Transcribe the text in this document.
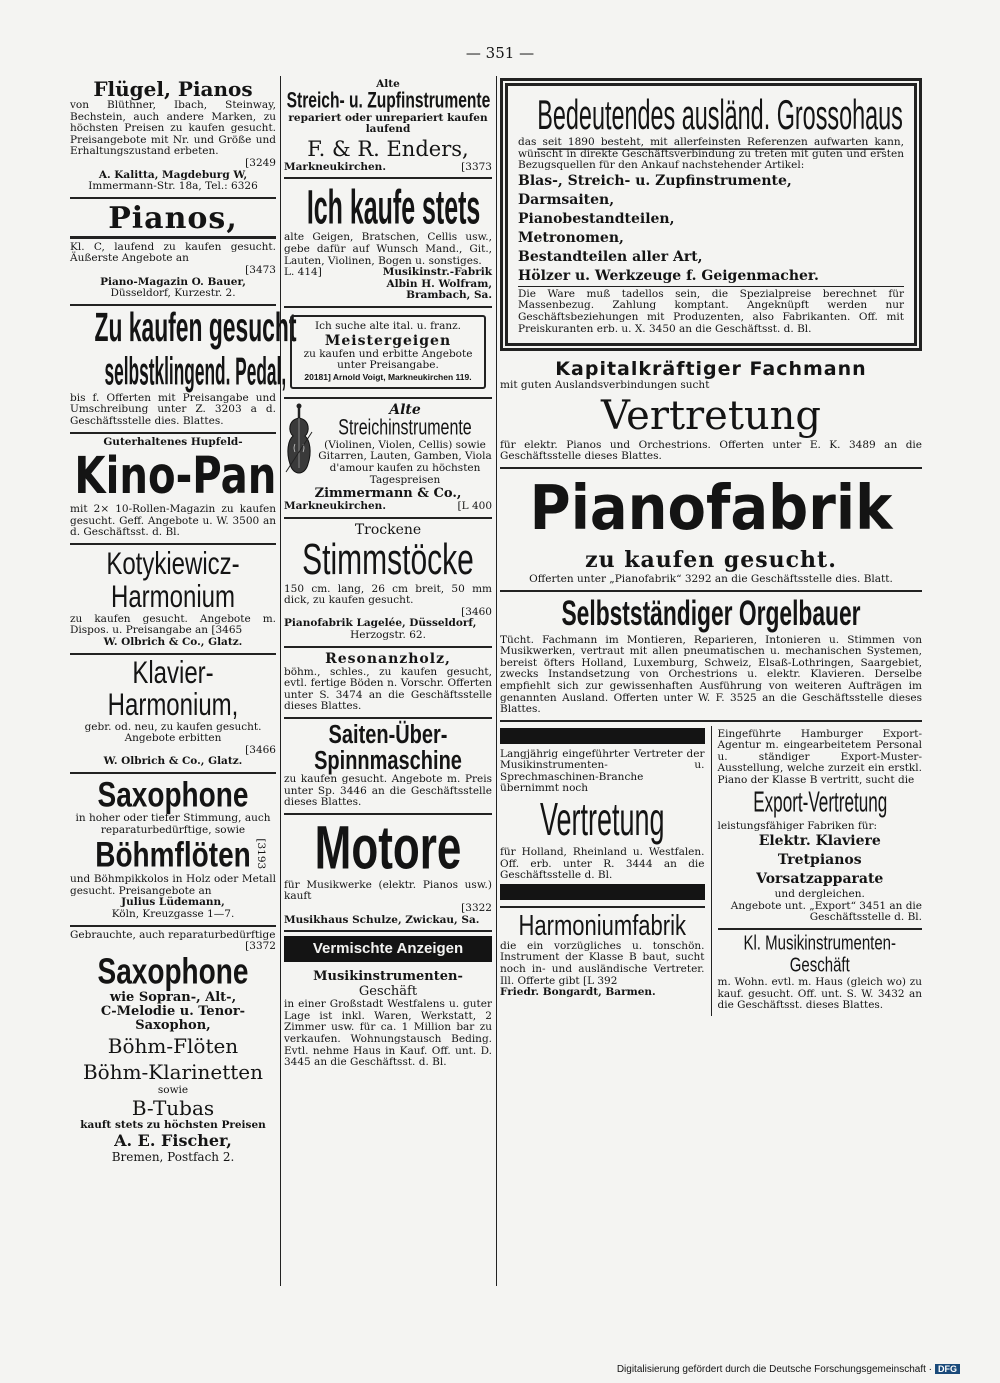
— 351 —
Flügel, Pianos
von Blüthner, Ibach, Steinway, Bechstein, auch andere Marken, zu höchsten Preisen zu kaufen gesucht. Preisangebote mit Nr. und Größe und Erhaltungszustand erbeten.
[3249
A. Kalitta, Magdeburg W,
Immermann-Str. 18a, Tel.: 6326
Pianos,
Kl. C, laufend zu kaufen gesucht. Äußerste Angebote an
[3473
Piano-Magazin O. Bauer,
Düsseldorf, Kurzestr. 2.
Zu kaufen gesucht
selbstklingend. Pedal,
bis f. Offerten mit Preisangabe und Umschreibung unter Z. 3203 a d. Geschäftsstelle dies. Blattes.
Guterhaltenes Hupfeld-
Kino-Pan
mit 2× 10-Rollen-Magazin zu kaufen gesucht. Geff. Angebote u. W. 3500 an d. Geschäftsst. d. Bl.
Kotykiewicz-
Harmonium
zu kaufen gesucht. Angebote m. Dispos. u. Preisangabe an [3465
W. Olbrich & Co., Glatz.
Klavier-
Harmonium,
gebr. od. neu, zu kaufen gesucht. Angebote erbitten
[3466
W. Olbrich & Co., Glatz.
Saxophone
in hoher oder tiefer Stimmung, auch reparaturbedürftige, sowie
Böhmflöten [3193
und Böhmpikkolos in Holz oder Metall gesucht. Preisangebote an
Julius Lüdemann,
Köln, Kreuzgasse 1—7.
Gebrauchte, auch reparaturbedürftige
[3372
Saxophone
wie Sopran-, Alt-,
C-Melodie u. Tenor-
Saxophon,
Böhm-Flöten
Böhm-Klarinetten
sowie
B-Tubas
kauft stets zu höchsten Preisen
A. E. Fischer,
Bremen, Postfach 2.
Alte
Streich- u. Zupfinstrumente
repariert oder unrepariert kaufen laufend
F. & R. Enders,
Markneukirchen.	[3373
Ich kaufe stets
alte Geigen, Bratschen, Cellis usw., gebe dafür auf Wunsch Mand., Git., Lauten, Violinen, Bogen u. sonstiges.
L. 414]	Musikinstr.-Fabrik
Albin H. Wolfram,
Brambach, Sa.
Ich suche alte ital. u. franz.
Meistergeigen
zu kaufen und erbitte Angebote unter Preisangabe.
20181] Arnold Voigt, Markneukirchen 119.
Alte
Streichinstrumente
(Violinen, Violen, Cellis) sowie Gitarren, Lauten, Gamben, Viola d'amour kaufen zu höchsten Tagespreisen
Zimmermann & Co.,
Markneukirchen.	[L 400
Trockene
Stimmstöcke
150 cm. lang, 26 cm breit, 50 mm dick, zu kaufen gesucht.
[3460
Pianofabrik Lagelée, Düsseldorf,
Herzogstr. 62.
Resonanzholz,
böhm., schles., zu kaufen gesucht, evtl. fertige Böden n. Vorschr. Offerten unter S. 3474 an die Geschäftsstelle dieses Blattes.
Saiten-Über-
Spinnmaschine
zu kaufen gesucht. Angebote m. Preis unter Sp. 3446 an die Geschäftsstelle dieses Blattes.
Motore
für Musikwerke (elektr. Pianos usw.) kauft
[3322
Musikhaus Schulze, Zwickau, Sa.
Vermischte Anzeigen
Musikinstrumenten-
Geschäft
in einer Großstadt Westfalens u. guter Lage ist inkl. Waren, Werkstatt, 2 Zimmer usw. für ca. 1 Million bar zu verkaufen. Wohnungstausch Beding. Evtl. nehme Haus in Kauf. Off. unt. D. 3445 an die Geschäftsst. d. Bl.
Bedeutendes ausländ. Grossohaus
das seit 1890 besteht, mit allerfeinsten Referenzen aufwarten kann, wünscht in direkte Geschäftsverbindung zu treten mit guten und ersten Bezugsquellen für den Ankauf nachstehender Artikel:
Blas-, Streich- u. Zupfinstrumente,
Darmsaiten,
Pianobestandteilen,
Metronomen,
Bestandteilen aller Art,
Hölzer u. Werkzeuge f. Geigenmacher.
Die Ware muß tadellos sein, die Spezialpreise berechnet für Massenbezug. Zahlung komptant. Angeknüpft werden nur Geschäftsbeziehungen mit Produzenten, also Fabrikanten. Off. mit Preiskuranten erb. u. X. 3450 an die Geschäftsst. d. Bl.
Kapitalkräftiger Fachmann
mit guten Auslandsverbindungen sucht
Vertretung
für elektr. Pianos und Orchestrions. Offerten unter E. K. 3489 an die Geschäftsstelle dieses Blattes.
Pianofabrik
zu kaufen gesucht.
Offerten unter „Pianofabrik“ 3292 an die Geschäftsstelle dies. Blatt.
Selbstständiger Orgelbauer
Tücht. Fachmann im Montieren, Reparieren, Intonieren u. Stimmen von Musikwerken, vertraut mit allen pneumatischen u. mechanischen Systemen, bereist öfters Holland, Luxemburg, Schweiz, Elsaß-Lothringen, Saargebiet, zwecks Instandsetzung von Orchestrions u. elektr. Klavieren. Derselbe empfiehlt sich zur gewissenhaften Ausführung von weiteren Aufträgen im genannten Ausland. Offerten unter W. F. 3525 an die Geschäftsstelle dieses Blattes.
Langjährig eingeführter Vertreter der Musikinstrumenten- u. Sprechmaschinen-Branche übernimmt noch
Vertretung
für Holland, Rheinland u. Westfalen. Off. erb. unter R. 3444 an die Geschäftsstelle d. Bl.
Harmoniumfabrik
die ein vorzügliches u. tonschön. Instrument der Klasse B baut, sucht noch in- und ausländische Vertreter. Ill. Offerte gibt [L 392
Friedr. Bongardt, Barmen.
Eingeführte Hamburger Export-Agentur m. eingearbeitetem Personal u. ständiger Export-Muster-Ausstellung, welche zurzeit ein erstkl. Piano der Klasse B vertritt, sucht die
Export-Vertretung
leistungsfähiger Fabriken für:
Elektr. Klaviere
Tretpianos
Vorsatzapparate
und dergleichen.
Angebote unt. „Export“ 3451 an die Geschäftsstelle d. Bl.
Kl. Musikinstrumenten-
Geschäft
m. Wohn. evtl. m. Haus (gleich wo) zu kauf. gesucht. Off. unt. S. W. 3432 an die Geschäftsst. dieses Blattes.
Digitalisierung gefördert durch die Deutsche Forschungsgemeinschaft · DFG
